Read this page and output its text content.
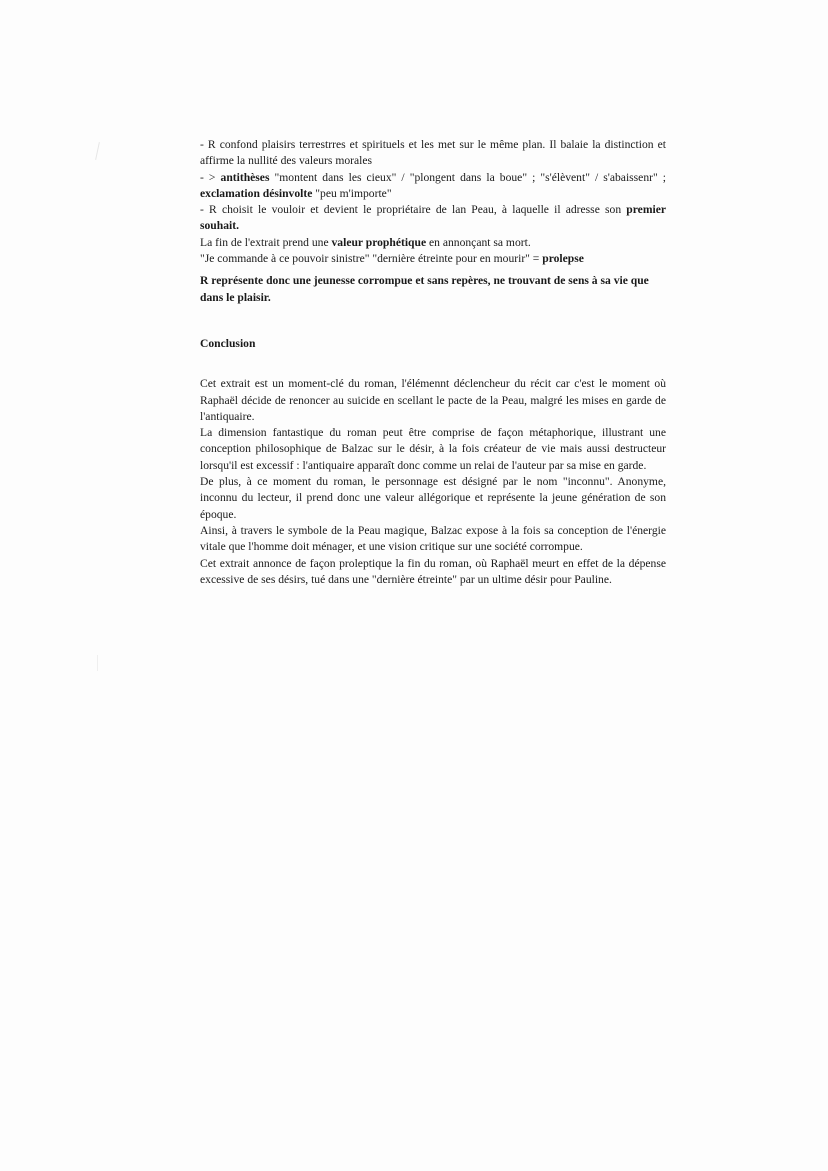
- R confond plaisirs terrestrres et spirituels et les met sur le même plan. Il balaie la distinction et affirme la nullité des valeurs morales

- > antithèses "montent dans les cieux" / "plongent dans la boue" ; "s'élèvent" / s'abaissenr" ; exclamation désinvolte "peu m'importe"

- R choisit le vouloir et devient le propriétaire de lan Peau, à laquelle il adresse son premier souhait.

La fin de l'extrait prend une valeur prophétique en annonçant sa mort.

"Je commande à ce pouvoir sinistre" "dernière étreinte pour en mourir" = prolepse

R représente donc une jeunesse corrompue et sans repères, ne trouvant de sens à sa vie que dans le plaisir.

Conclusion

Cet extrait est un moment-clé du roman, l'élémennt déclencheur du récit car c'est le moment où Raphaël décide de renoncer au suicide en scellant le pacte de la Peau, malgré les mises en garde de l'antiquaire.

La dimension fantastique du roman peut être comprise de façon métaphorique, illustrant une conception philosophique de Balzac sur le désir, à la fois créateur de vie mais aussi destructeur lorsqu'il est excessif : l'antiquaire apparaît donc comme un relai de l'auteur par sa mise en garde.

De plus, à ce moment du roman, le personnage est désigné par le nom "inconnu". Anonyme, inconnu du lecteur, il prend donc une valeur allégorique et représente la jeune génération de son époque.

Ainsi, à travers le symbole de la Peau magique, Balzac expose à la fois sa conception de l'énergie vitale que l'homme doit ménager, et une vision critique sur une société corrompue.

Cet extrait annonce de façon proleptique la fin du roman, où Raphaël meurt en effet de la dépense excessive de ses désirs, tué dans une "dernière étreinte" par un ultime désir pour Pauline.
